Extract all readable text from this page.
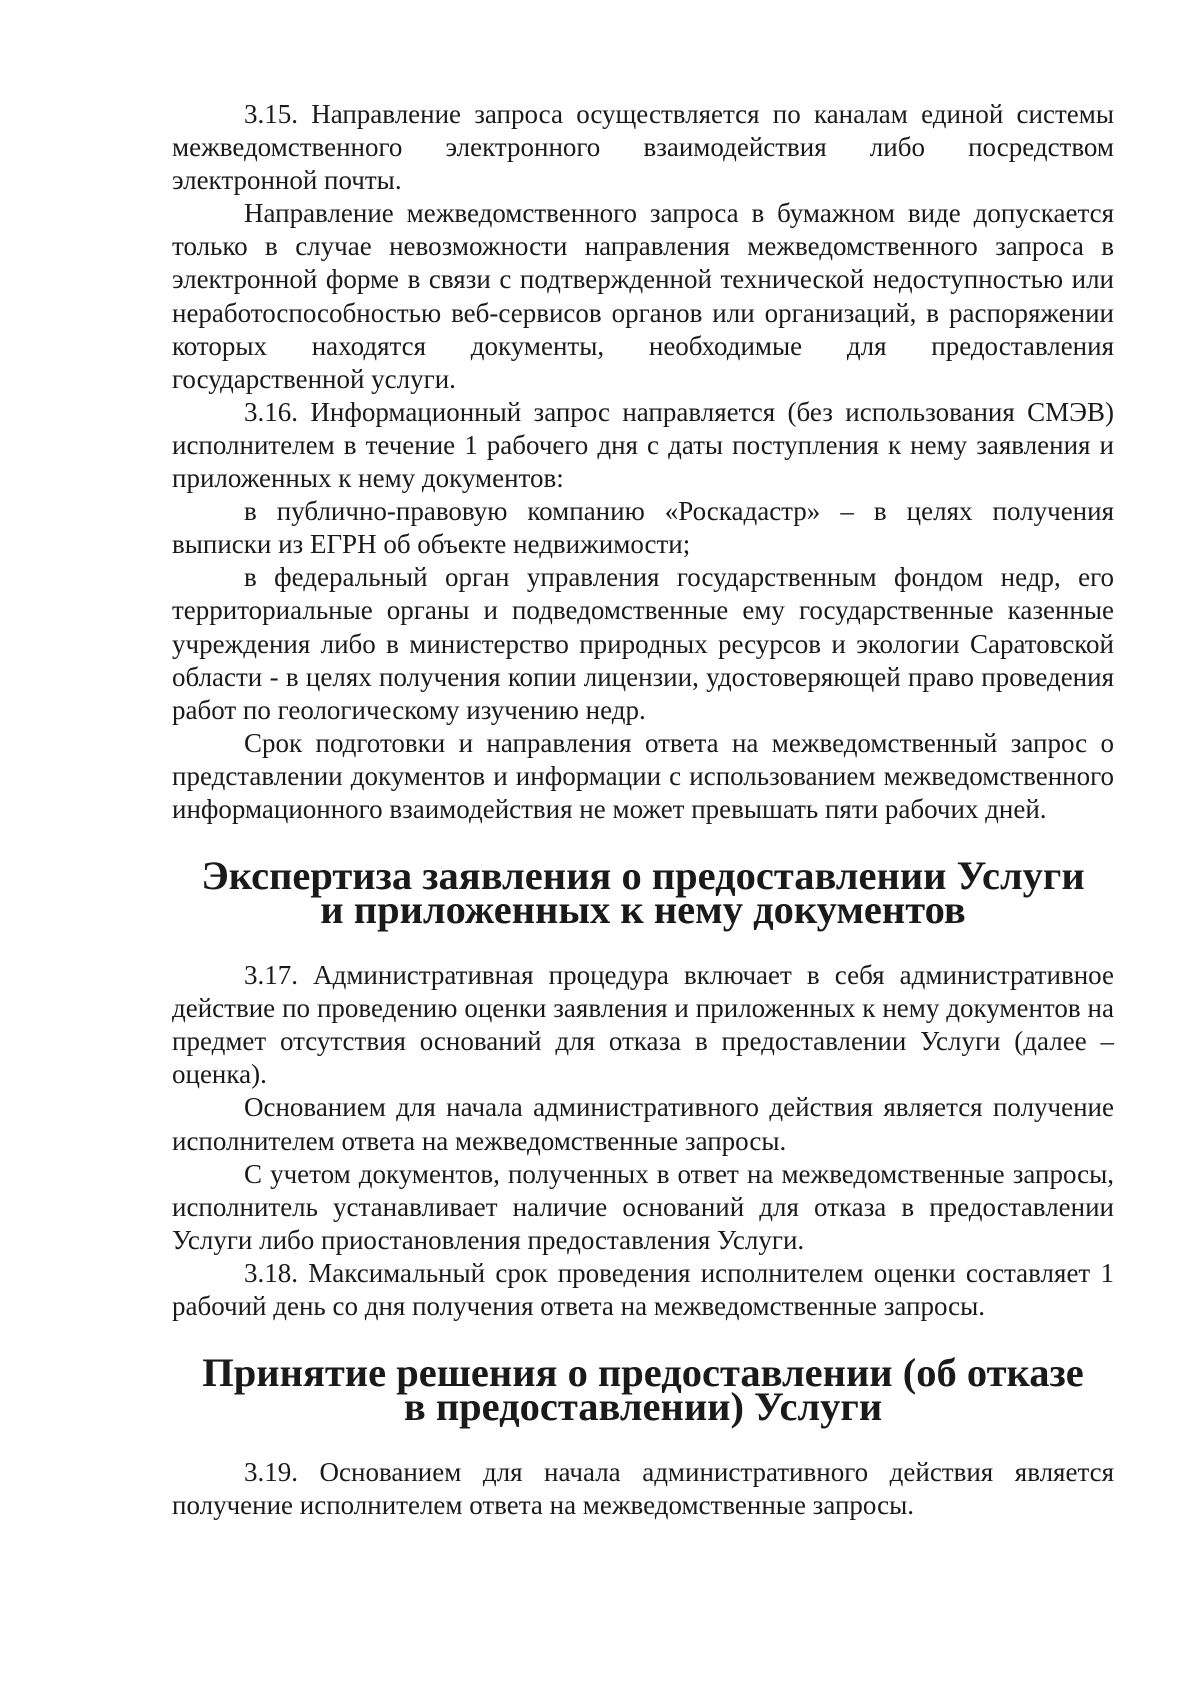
3.15. Направление запроса осуществляется по каналам единой системы межведомственного электронного взаимодействия либо посредством электронной почты.

Направление межведомственного запроса в бумажном виде допускается только в случае невозможности направления межведомственного запроса в электронной форме в связи с подтвержденной технической недоступностью или неработоспособностью веб-сервисов органов или организаций, в распоряжении которых находятся документы, необходимые для предоставления государственной услуги.

3.16. Информационный запрос направляется (без использования СМЭВ) исполнителем в течение 1 рабочего дня с даты поступления к нему заявления и приложенных к нему документов:

в публично-правовую компанию «Роскадастр» – в целях получения выписки из ЕГРН об объекте недвижимости;

в федеральный орган управления государственным фондом недр, его территориальные органы и подведомственные ему государственные казенные учреждения либо в министерство природных ресурсов и экологии Саратовской области - в целях получения копии лицензии, удостоверяющей право проведения работ по геологическому изучению недр.

Срок подготовки и направления ответа на межведомственный запрос о представлении документов и информации с использованием межведомственного информационного взаимодействия не может превышать пяти рабочих дней.

Экспертиза заявления о предоставлении Услуги
и приложенных к нему документов

3.17. Административная процедура включает в себя административное действие по проведению оценки заявления и приложенных к нему документов на предмет отсутствия оснований для отказа в предоставлении Услуги (далее – оценка).

Основанием для начала административного действия является получение исполнителем ответа на межведомственные запросы.

С учетом документов, полученных в ответ на межведомственные запросы, исполнитель устанавливает наличие оснований для отказа в предоставлении Услуги либо приостановления предоставления Услуги.

3.18. Максимальный срок проведения исполнителем оценки составляет 1 рабочий день со дня получения ответа на межведомственные запросы.

Принятие решения о предоставлении (об отказе
в предоставлении) Услуги

3.19. Основанием для начала административного действия является получение исполнителем ответа на межведомственные запросы.
